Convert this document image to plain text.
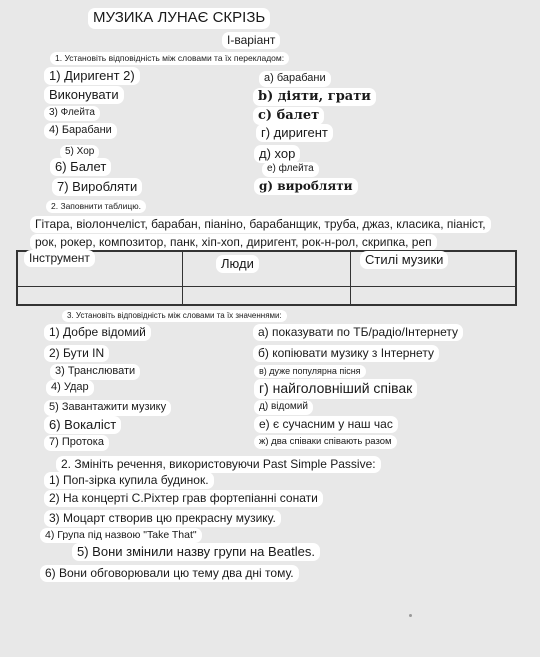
МУЗИКА ЛУНАЄ СКРІЗЬ
І-варіант
1. Установіть відповідність між словами та їх перекладом:
1) Диригент 2)
Виконувати
3) Флейта
4) Барабани
5) Хор
6) Балет
7) Виробляти
а) барабани
b) діяти, грати
c) балет
г) диригент
д) хор
е) флейта
g) виробляти
2. Заповнити таблицю.
Гітара, віолончеліст, барабан, піаніно, барабанщик, труба, джаз, класика, піаніст,
рок, рокер, композитор, панк, хіп-хоп, диригент, рок-н-рол, скрипка, реп
Інструмент	Люди	Стилі музики
3. Установіть відповідність між словами та їх значеннями:
1) Добре відомий
2) Бути IN
3) Транслювати
4) Удар
5) Завантажити музику
6) Вокаліст
7) Протока
а) показувати по ТБ/радіо/Інтернету
б) копіювати музику з Інтернету
в) дуже популярна пісня
г) найголовніший співак
д) відомий
е) є сучасним у наш час
ж) два співаки співають разом
2. Змініть речення, використовуючи Past Simple Passive:
1) Поп-зірка купила будинок.
2) На концерті С.Ріхтер грав фортепіанні сонати
3) Моцарт створив цю прекрасну музику.
4) Група під назвою "Take That"
5) Вони змінили назву групи на Beatles.
6) Вони обговорювали цю тему два дні тому.
